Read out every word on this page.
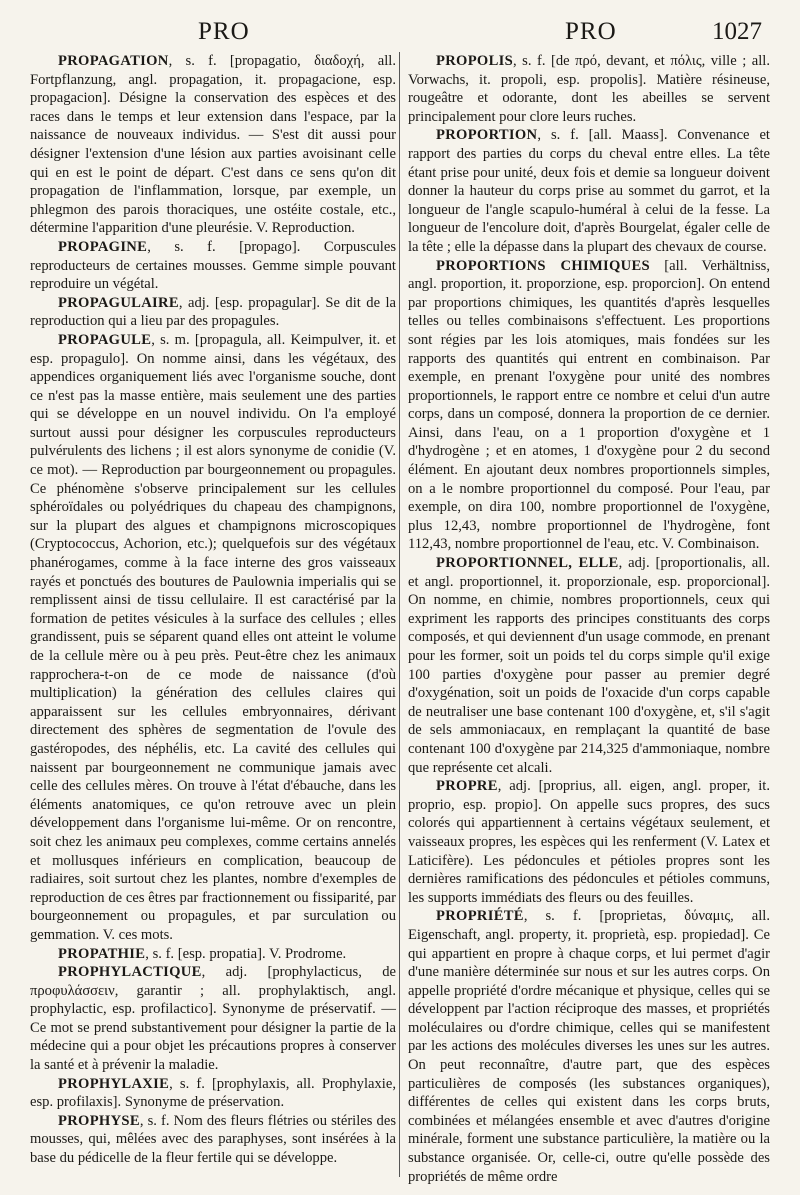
PRO	PRO	1027

PROPAGATION, s. f. [propagatio, διαδοχή, all. Fortpflanzung, angl. propagation, it. propagacione, esp. propagacion]. Désigne la conservation des espèces et des races dans le temps et leur extension dans l'espace, par la naissance de nouveaux individus. — S'est dit aussi pour désigner l'extension d'une lésion aux parties avoisinant celle qui en est le point de départ. C'est dans ce sens qu'on dit propagation de l'inflammation, lorsque, par exemple, un phlegmon des parois thoraciques, une ostéite costale, etc., détermine l'apparition d'une pleurésie. V. Reproduction.

PROPAGINE, s. f. [propago]. Corpuscules reproducteurs de certaines mousses. Gemme simple pouvant reproduire un végétal.

PROPAGULAIRE, adj. [esp. propagular]. Se dit de la reproduction qui a lieu par des propagules.

PROPAGULE, s. m. [propagula, all. Keimpulver, it. et esp. propagulo]. On nomme ainsi, dans les végétaux, des appendices organiquement liés avec l'organisme souche, dont ce n'est pas la masse entière, mais seulement une des parties qui se développe en un nouvel individu. On l'a employé surtout aussi pour désigner les corpuscules reproducteurs pulvérulents des lichens ; il est alors synonyme de conidie (V. ce mot). — Reproduction par bourgeonnement ou propagules. Ce phénomène s'observe principalement sur les cellules sphéroïdales ou polyédriques du chapeau des champignons, sur la plupart des algues et champignons microscopiques (Cryptococcus, Achorion, etc.); quelquefois sur des végétaux phanérogames, comme à la face interne des gros vaisseaux rayés et ponctués des boutures de Paulownia imperialis qui se remplissent ainsi de tissu cellulaire. Il est caractérisé par la formation de petites vésicules à la surface des cellules ; elles grandissent, puis se séparent quand elles ont atteint le volume de la cellule mère ou à peu près. Peut-être chez les animaux rapprochera-t-on de ce mode de naissance (d'où multiplication) la génération des cellules claires qui apparaissent sur les cellules embryonnaires, dérivant directement des sphères de segmentation de l'ovule des gastéropodes, des néphélis, etc. La cavité des cellules qui naissent par bourgeonnement ne communique jamais avec celle des cellules mères. On trouve à l'état d'ébauche, dans les éléments anatomiques, ce qu'on retrouve avec un plein développement dans l'organisme lui-même. Or on rencontre, soit chez les animaux peu complexes, comme certains annelés et mollusques inférieurs en complication, beaucoup de radiaires, soit surtout chez les plantes, nombre d'exemples de reproduction de ces êtres par fractionnement ou fissiparité, par bourgeonnement ou propagules, et par surculation ou gemmation. V. ces mots.

PROPATHIE, s. f. [esp. propatia]. V. Prodrome.

PROPHYLACTIQUE, adj. [prophylacticus, de προφυλάσσειν, garantir ; all. prophylaktisch, angl. prophylactic, esp. profilactico]. Synonyme de préservatif. — Ce mot se prend substantivement pour désigner la partie de la médecine qui a pour objet les précautions propres à conserver la santé et à prévenir la maladie.

PROPHYLAXIE, s. f. [prophylaxis, all. Prophylaxie, esp. profilaxis]. Synonyme de préservation.

PROPHYSE, s. f. Nom des fleurs flétries ou stériles des mousses, qui, mêlées avec des paraphyses, sont insérées à la base du pédicelle de la fleur fertile qui se développe.

PROPOLIS, s. f. [de πρό, devant, et πόλις, ville ; all. Vorwachs, it. propoli, esp. propolis]. Matière résineuse, rougeâtre et odorante, dont les abeilles se servent principalement pour clore leurs ruches.

PROPORTION, s. f. [all. Maass]. Convenance et rapport des parties du corps du cheval entre elles. La tête étant prise pour unité, deux fois et demie sa longueur doivent donner la hauteur du corps prise au sommet du garrot, et la longueur de l'angle scapulo-huméral à celui de la fesse. La longueur de l'encolure doit, d'après Bourgelat, égaler celle de la tête ; elle la dépasse dans la plupart des chevaux de course.

PROPORTIONS CHIMIQUES [all. Verhältniss, angl. proportion, it. proporzione, esp. proporcion]. On entend par proportions chimiques, les quantités d'après lesquelles telles ou telles combinaisons s'effectuent. Les proportions sont régies par les lois atomiques, mais fondées sur les rapports des quantités qui entrent en combinaison. Par exemple, en prenant l'oxygène pour unité des nombres proportionnels, le rapport entre ce nombre et celui d'un autre corps, dans un composé, donnera la proportion de ce dernier. Ainsi, dans l'eau, on a 1 proportion d'oxygène et 1 d'hydrogène ; et en atomes, 1 d'oxygène pour 2 du second élément. En ajoutant deux nombres proportionnels simples, on a le nombre proportionnel du composé. Pour l'eau, par exemple, on dira 100, nombre proportionnel de l'oxygène, plus 12,43, nombre proportionnel de l'hydrogène, font 112,43, nombre proportionnel de l'eau, etc. V. Combinaison.

PROPORTIONNEL, ELLE, adj. [proportionalis, all. et angl. proportionnel, it. proporzionale, esp. proporcional]. On nomme, en chimie, nombres proportionnels, ceux qui expriment les rapports des principes constituants des corps composés, et qui deviennent d'un usage commode, en prenant pour les former, soit un poids tel du corps simple qu'il exige 100 parties d'oxygène pour passer au premier degré d'oxygénation, soit un poids de l'oxacide d'un corps capable de neutraliser une base contenant 100 d'oxygène, et, s'il s'agit de sels ammoniacaux, en remplaçant la quantité de base contenant 100 d'oxygène par 214,325 d'ammoniaque, nombre que représente cet alcali.

PROPRE, adj. [proprius, all. eigen, angl. proper, it. proprio, esp. propio]. On appelle sucs propres, des sucs colorés qui appartiennent à certains végétaux seulement, et vaisseaux propres, les espèces qui les renferment (V. Latex et Laticifère). Les pédoncules et pétioles propres sont les dernières ramifications des pédoncules et pétioles communs, les supports immédiats des fleurs ou des feuilles.

PROPRIÉTÉ, s. f. [proprietas, δύναμις, all. Eigenschaft, angl. property, it. proprietà, esp. propiedad]. Ce qui appartient en propre à chaque corps, et lui permet d'agir d'une manière déterminée sur nous et sur les autres corps. On appelle propriété d'ordre mécanique et physique, celles qui se développent par l'action réciproque des masses, et propriétés moléculaires ou d'ordre chimique, celles qui se manifestent par les actions des molécules diverses les unes sur les autres. On peut reconnaître, d'autre part, que des espèces particulières de composés (les substances organiques), différentes de celles qui existent dans les corps bruts, combinées et mélangées ensemble et avec d'autres d'origine minérale, forment une substance particulière, la matière ou la substance organisée. Or, celle-ci, outre qu'elle possède des propriétés de même ordre
